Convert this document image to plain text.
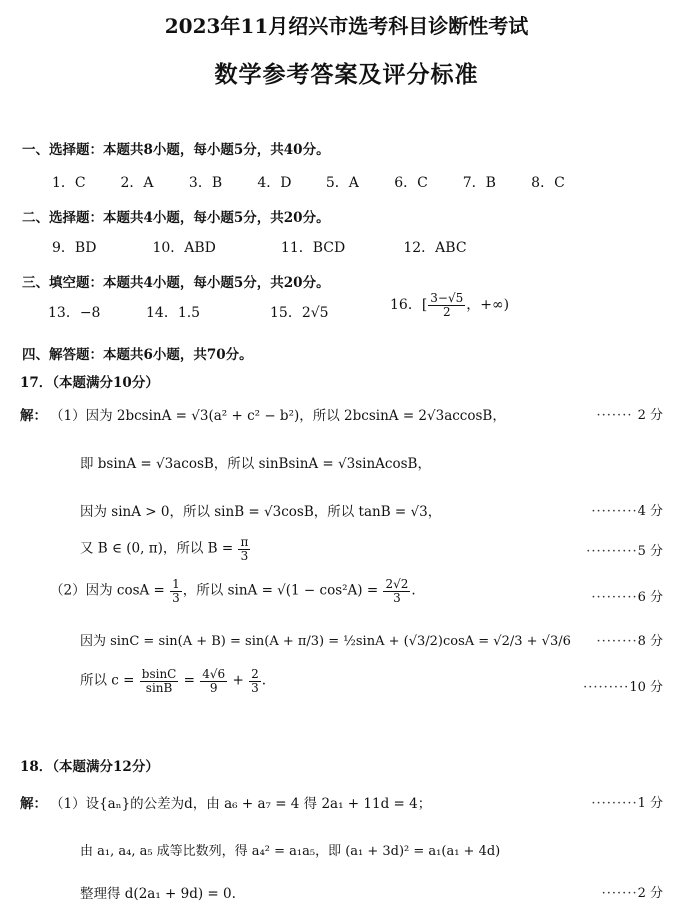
2023年11月绍兴市选考科目诊断性考试
数学参考答案及评分标准
一、选择题：本题共8小题，每小题5分，共40分。
1．C 2．A	3．B	4．D 5．A	6．C 7．B	8．C
二、选择题：本题共4小题，每小题5分，共20分。
9．BD	10．ABD	11．BCD	12．ABC
三、填空题：本题共4小题，每小题5分，共20分。
13．−8	14．1.5	15．2√5	16．[ $\frac{3-√5}{2}$ ，+∞)
四、解答题：本题共6小题，共70分。
17．（本题满分10分）
解： （1）因为 2bcsinA = √3(a² + c² − b²)，所以 2bcsinA = 2√3accosB，	······· 2 分
即 bsinA = √3acosB，所以 sinBsinA = √3sinAcosB，
因为 sinA > 0，所以 sinB = √3cosB，所以 tanB = √3，	·········4 分
又 B ∈ (0, π)，所以 $B = \frac{\pi}{3}$	··········5 分
（2）因为 $\cos A = \frac{1}{3}$ ，所以 $\sin A = √(1 - \cos^2A) = \frac{2√2}{3}$ .	·········6 分
因为 sinC = sin(A + B) = sin(A + π/3) = ½sinA + (√3/2)cosA = √2/3 + √3/6 ········8 分
所以 $c = \frac{bsinC}{\sin B} = \frac{4√6}{9} + \frac{2}{3}$ .	·········10 分
18．（本题满分12分）
解： （1）设{aₙ}的公差为d，由 a₆ + a₇ = 4 得 2a₁ + 11d = 4；	·········1 分
由 a₁, a₄, a₅ 成等比数列，得 a₄² = a₁a₅，即 (a₁ + 3d)² = a₁(a₁ + 4d)
整理得 d(2a₁ + 9d) = 0.	·······2 分
